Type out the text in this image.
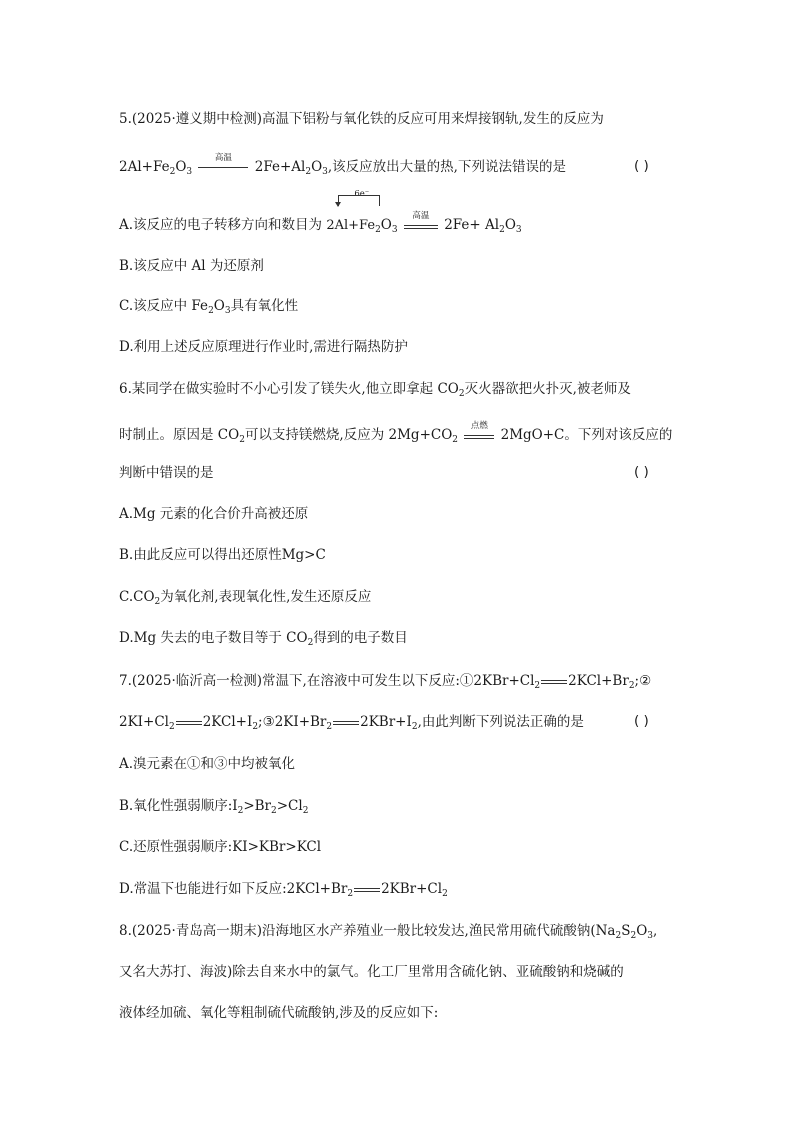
5.(2025·遵义期中检测)高温下铝粉与氧化铁的反应可用来焊接钢轨,发生的反应为
$2Al+Fe_2O_3$
高温
$2Fe+Al_2O_3$,该反应放出大量的热,下列说法错误的是	( )
A.该反应的电子转移方向和数目为
6e⁻
$2Al+Fe_2O_3$
高温
$2Fe+ Al_2O_3$
B.该反应中 Al 为还原剂
C.该反应中 $Fe_2O_3$具有氧化性
D.利用上述反应原理进行作业时,需进行隔热防护
6.某同学在做实验时不小心引发了镁失火,他立即拿起 $CO_2$灭火器欲把火扑灭,被老师及
时制止。原因是 $CO_2$可以支持镁燃烧,反应为 $2Mg+CO_2$
点燃
2MgO+C。下列对该反应的
判断中错误的是	( )
A.Mg 元素的化合价升高被还原
B.由此反应可以得出还原性Mg>C
$C.CO_2$为氧化剂,表现氧化性,发生还原反应
D.Mg 失去的电子数目等于 $CO_2$得到的电子数目
7.(2025·临沂高一检测)常温下,在溶液中可发生以下反应$:①2KBr+Cl_2$ $2KCl+Br_2;②$
$2KI+Cl_2$ $2KCl+I_2;③2KI+Br_2$ $2KBr+I_2$,由此判断下列说法正确的是	( )
A.溴元素在①和③中均被氧化
B.氧化性强弱顺序$:I_2>Br_2>Cl_2$
C.还原性强弱顺序:KI>KBr>KCl
D.常温下也能进行如下反应$:2KCl+Br_2$ $2KBr+Cl_2$
8.(2025·青岛高一期末)沿海地区水产养殖业一般比较发达,渔民常用硫代硫酸钠($Na_2S_2O_3$,
又名大苏打、海波)除去自来水中的氯气。化工厂里常用含硫化钠、亚硫酸钠和烧碱的
液体经加硫、氧化等粗制硫代硫酸钠,涉及的反应如下:
